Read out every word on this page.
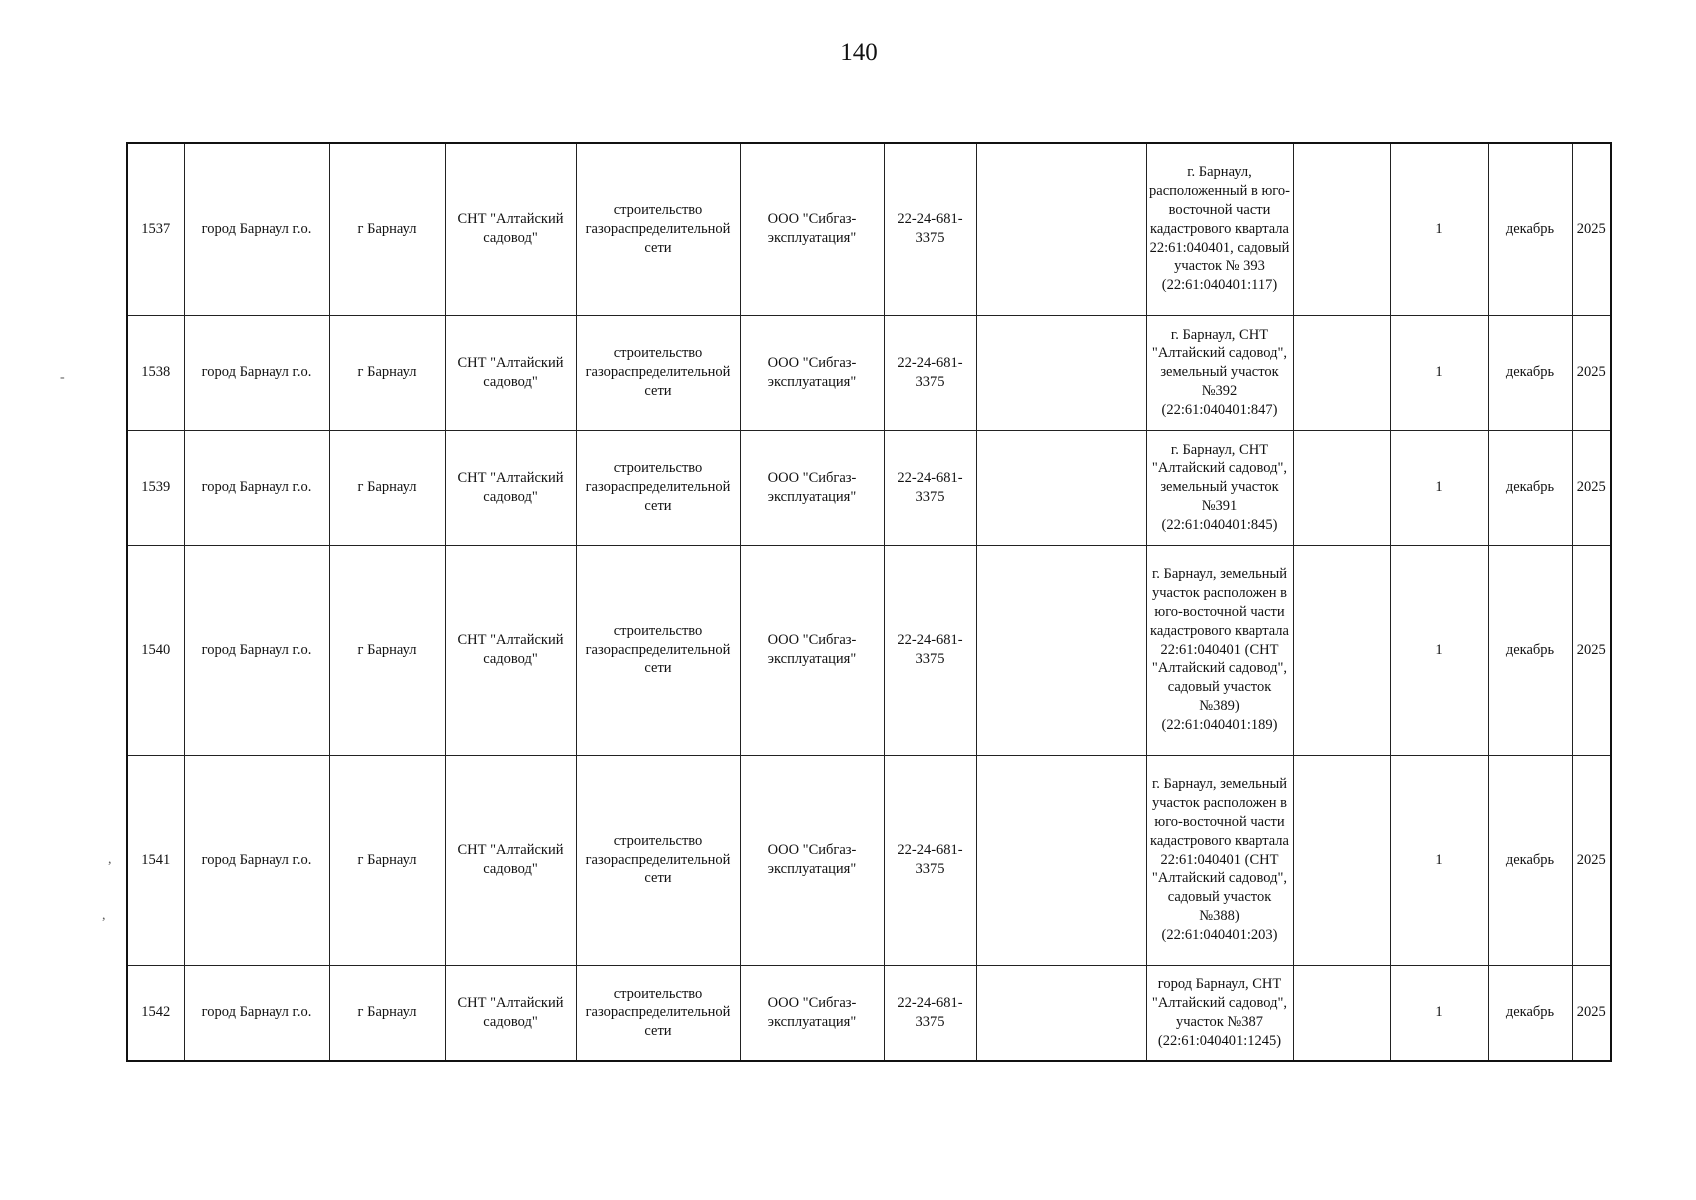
140
-
,
,
1537	город Барнаул г.о.	г Барнаул	СНТ "Алтайский садовод"	строительство газораспределительной сети	ООО "Сибгаз-эксплуатация"	22-24-681-3375		г. Барнаул, расположенный в юго-восточной части кадастрового квартала 22:61:040401, садовый участок № 393 (22:61:040401:117)		1	декабрь	2025
1538	город Барнаул г.о.	г Барнаул	СНТ "Алтайский садовод"	строительство газораспределительной сети	ООО "Сибгаз-эксплуатация"	22-24-681-3375		г. Барнаул, СНТ "Алтайский садовод", земельный участок №392 (22:61:040401:847)		1	декабрь	2025
1539	город Барнаул г.о.	г Барнаул	СНТ "Алтайский садовод"	строительство газораспределительной сети	ООО "Сибгаз-эксплуатация"	22-24-681-3375		г. Барнаул, СНТ "Алтайский садовод", земельный участок №391 (22:61:040401:845)		1	декабрь	2025
1540	город Барнаул г.о.	г Барнаул	СНТ "Алтайский садовод"	строительство газораспределительной сети	ООО "Сибгаз-эксплуатация"	22-24-681-3375		г. Барнаул, земельный участок расположен в юго-восточной части кадастрового квартала 22:61:040401 (СНТ "Алтайский садовод", садовый участок №389) (22:61:040401:189)		1	декабрь	2025
1541	город Барнаул г.о.	г Барнаул	СНТ "Алтайский садовод"	строительство газораспределительной сети	ООО "Сибгаз-эксплуатация"	22-24-681-3375		г. Барнаул, земельный участок расположен в юго-восточной части кадастрового квартала 22:61:040401 (СНТ "Алтайский садовод", садовый участок №388) (22:61:040401:203)		1	декабрь	2025
1542	город Барнаул г.о.	г Барнаул	СНТ "Алтайский садовод"	строительство газораспределительной сети	ООО "Сибгаз-эксплуатация"	22-24-681-3375		город Барнаул, СНТ "Алтайский садовод", участок №387 (22:61:040401:1245)		1	декабрь	2025
